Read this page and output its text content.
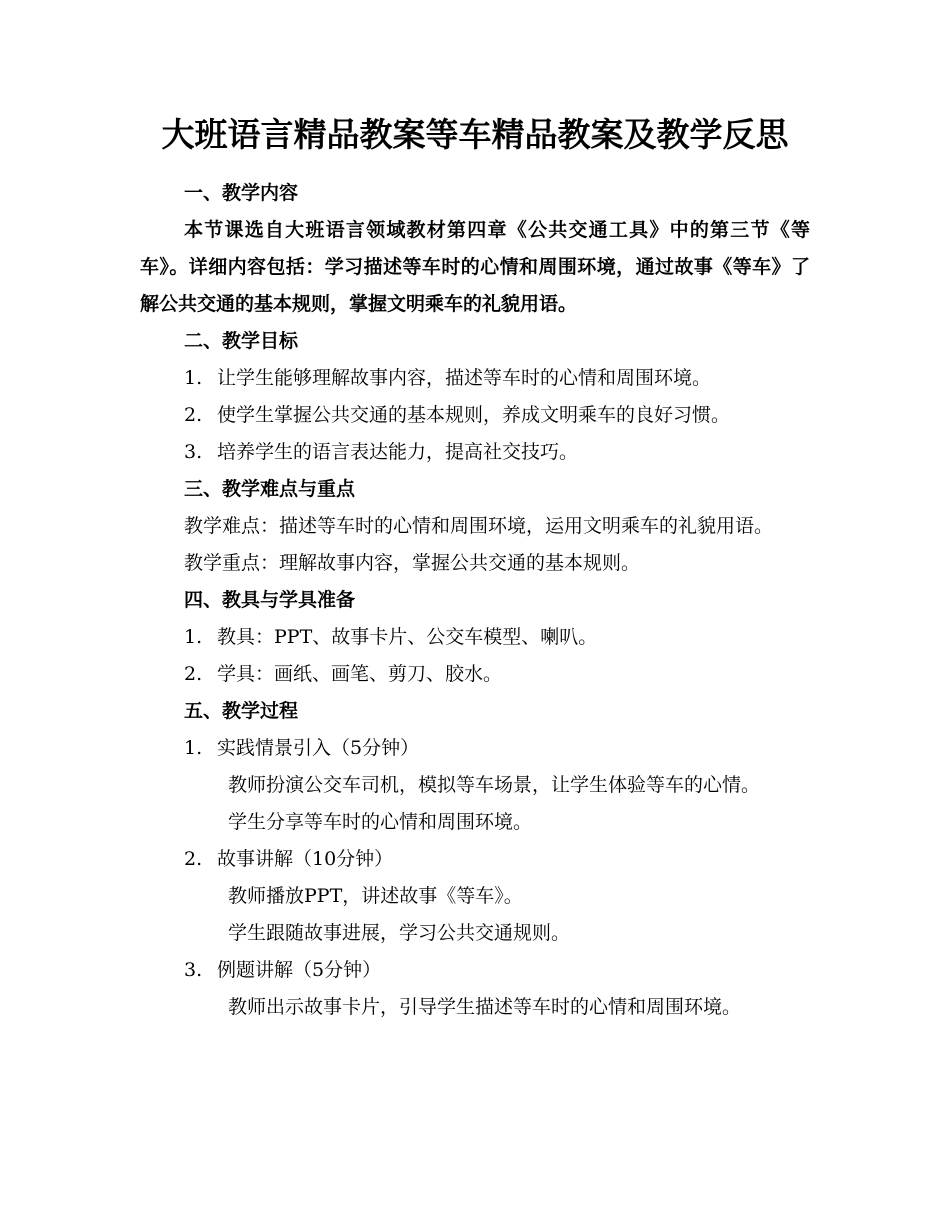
大班语言精品教案等车精品教案及教学反思

一、教学内容

本节课选自大班语言领域教材第四章《公共交通工具》中的第三节《等车》。详细内容包括：学习描述等车时的心情和周围环境，通过故事《等车》了解公共交通的基本规则，掌握文明乘车的礼貌用语。

二、教学目标

1. 让学生能够理解故事内容，描述等车时的心情和周围环境。

2. 使学生掌握公共交通的基本规则，养成文明乘车的良好习惯。

3. 培养学生的语言表达能力，提高社交技巧。

三、教学难点与重点

教学难点：描述等车时的心情和周围环境，运用文明乘车的礼貌用语。

教学重点：理解故事内容，掌握公共交通的基本规则。

四、教具与学具准备

1. 教具：PPT、故事卡片、公交车模型、喇叭。

2. 学具：画纸、画笔、剪刀、胶水。

五、教学过程

1. 实践情景引入（5分钟）

教师扮演公交车司机，模拟等车场景，让学生体验等车的心情。

学生分享等车时的心情和周围环境。

2. 故事讲解（10分钟）

教师播放PPT，讲述故事《等车》。

学生跟随故事进展，学习公共交通规则。

3. 例题讲解（5分钟）

教师出示故事卡片，引导学生描述等车时的心情和周围环境。
